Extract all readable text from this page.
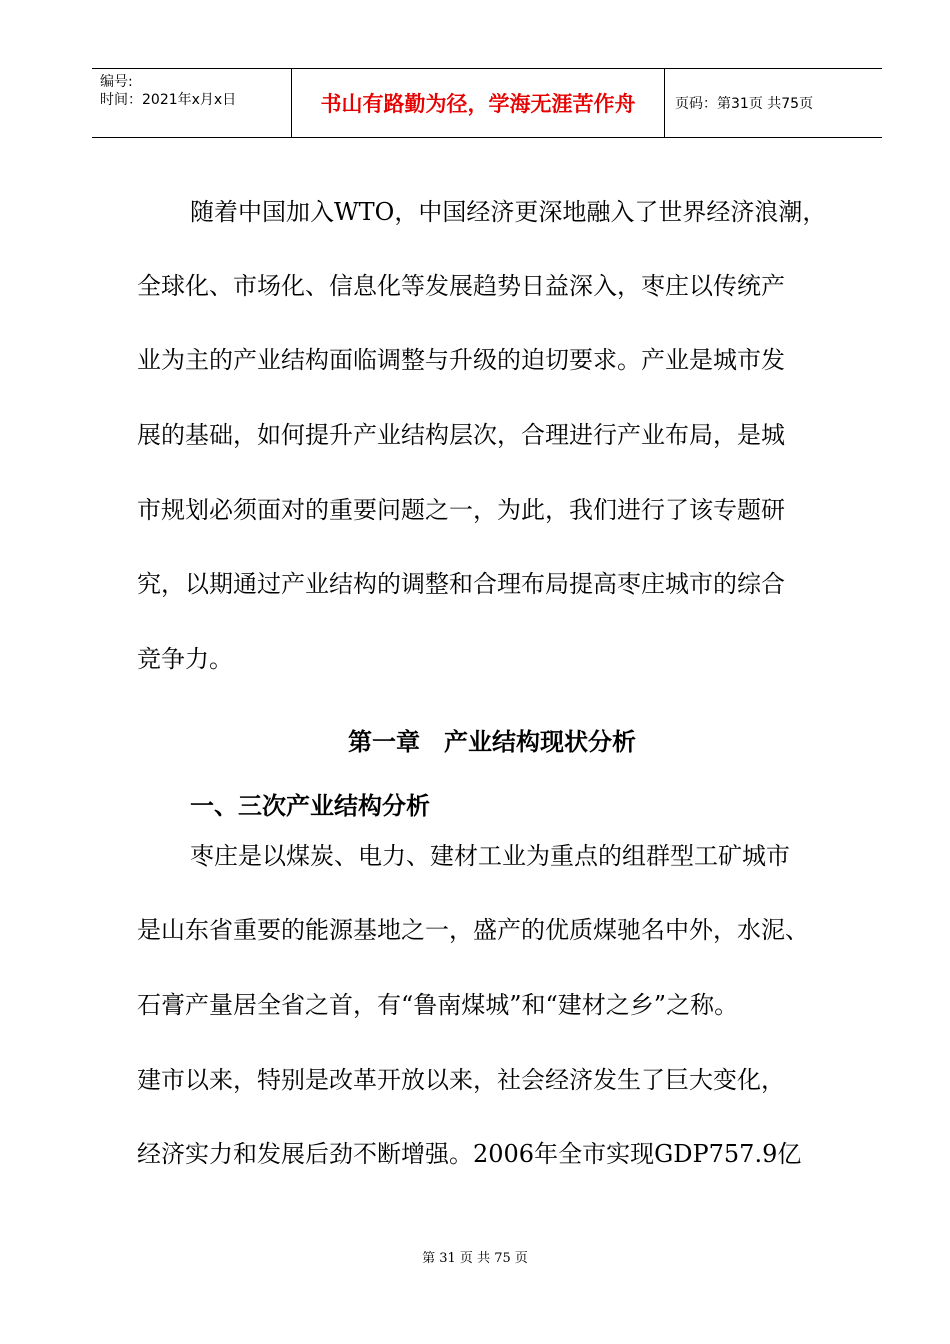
编号:
时间：2021年x月x日	书山有路勤为径，学海无涯苦作舟	页码：第31页 共75页
随着中国加入WTO，中国经济更深地融入了世界经济浪潮，
全球化、市场化、信息化等发展趋势日益深入，枣庄以传统产
业为主的产业结构面临调整与升级的迫切要求。产业是城市发
展的基础，如何提升产业结构层次，合理进行产业布局，是城
市规划必须面对的重要问题之一，为此，我们进行了该专题研
究，以期通过产业结构的调整和合理布局提高枣庄城市的综合
竞争力。
第一章　产业结构现状分析
一、三次产业结构分析
枣庄是以煤炭、电力、建材工业为重点的组群型工矿城市
是山东省重要的能源基地之一，盛产的优质煤驰名中外，水泥、
石膏产量居全省之首，有“鲁南煤城”和“建材之乡”之称。
建市以来，特别是改革开放以来，社会经济发生了巨大变化，
经济实力和发展后劲不断增强。2006年全市实现GDP757.9亿
第 31 页 共 75 页
